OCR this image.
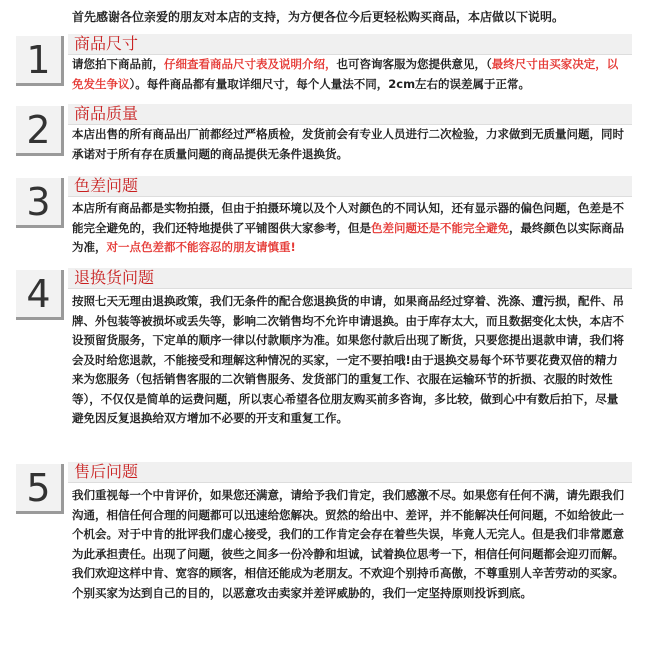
首先感谢各位亲爱的朋友对本店的支持，为方便各位今后更轻松购买商品，本店做以下说明。
1	商品尺寸
请您拍下商品前，仔细查看商品尺寸表及说明介绍，也可咨询客服为您提供意见，（最终尺寸由买家决定，以免发生争议）。每件商品都有量取详细尺寸，每个人量法不同，2cm左右的误差属于正常。
2	商品质量
本店出售的所有商品出厂前都经过严格质检，发货前会有专业人员进行二次检验，力求做到无质量问题，同时承诺对于所有存在质量问题的商品提供无条件退换货。
3	色差问题
本店所有商品都是实物拍摄，但由于拍摄环境以及个人对颜色的不同认知，还有显示器的偏色问题，色差是不能完全避免的，我们还特地提供了平铺图供大家参考，但是色差问题还是不能完全避免，最终颜色以实际商品为准，对一点色差都不能容忍的朋友请慎重!
4	退换货问题
按照七天无理由退换政策，我们无条件的配合您退换货的申请，如果商品经过穿着、洗涤、遭污损，配件、吊牌、外包装等被损坏或丢失等，影响二次销售均不允许申请退换。由于库存太大，而且数据变化太快，本店不设预留货服务，下定单的顺序一律以付款顺序为准。如果您付款后出现了断货，只要您提出退款申请，我们将会及时给您退款，不能接受和理解这种情况的买家，一定不要拍哦!由于退换交易每个环节要花费双倍的精力来为您服务（包括销售客服的二次销售服务、发货部门的重复工作、衣服在运输环节的折损、衣服的时效性等），不仅仅是简单的运费问题，所以衷心希望各位朋友购买前多咨询，多比较，做到心中有数后拍下，尽量避免因反复退换给双方增加不必要的开支和重复工作。
5	售后问题
我们重视每一个中肯评价，如果您还满意，请给予我们肯定，我们感激不尽。如果您有任何不满，请先跟我们沟通，相信任何合理的问题都可以迅速给您解决。贸然的给出中、差评，并不能解决任何问题，不如给彼此一个机会。对于中肯的批评我们虚心接受，我们的工作肯定会存在着些失误，毕竟人无完人。但是我们非常愿意为此承担责任。出现了问题，彼些之间多一份冷静和坦诚，试着换位思考一下，相信任何问题都会迎刃而解。我们欢迎这样中肯、宽容的顾客，相信还能成为老朋友。不欢迎个别持币高傲，不尊重别人辛苦劳动的买家。个别买家为达到自己的目的，以恶意攻击卖家并差评威胁的，我们一定坚持原则投诉到底。
